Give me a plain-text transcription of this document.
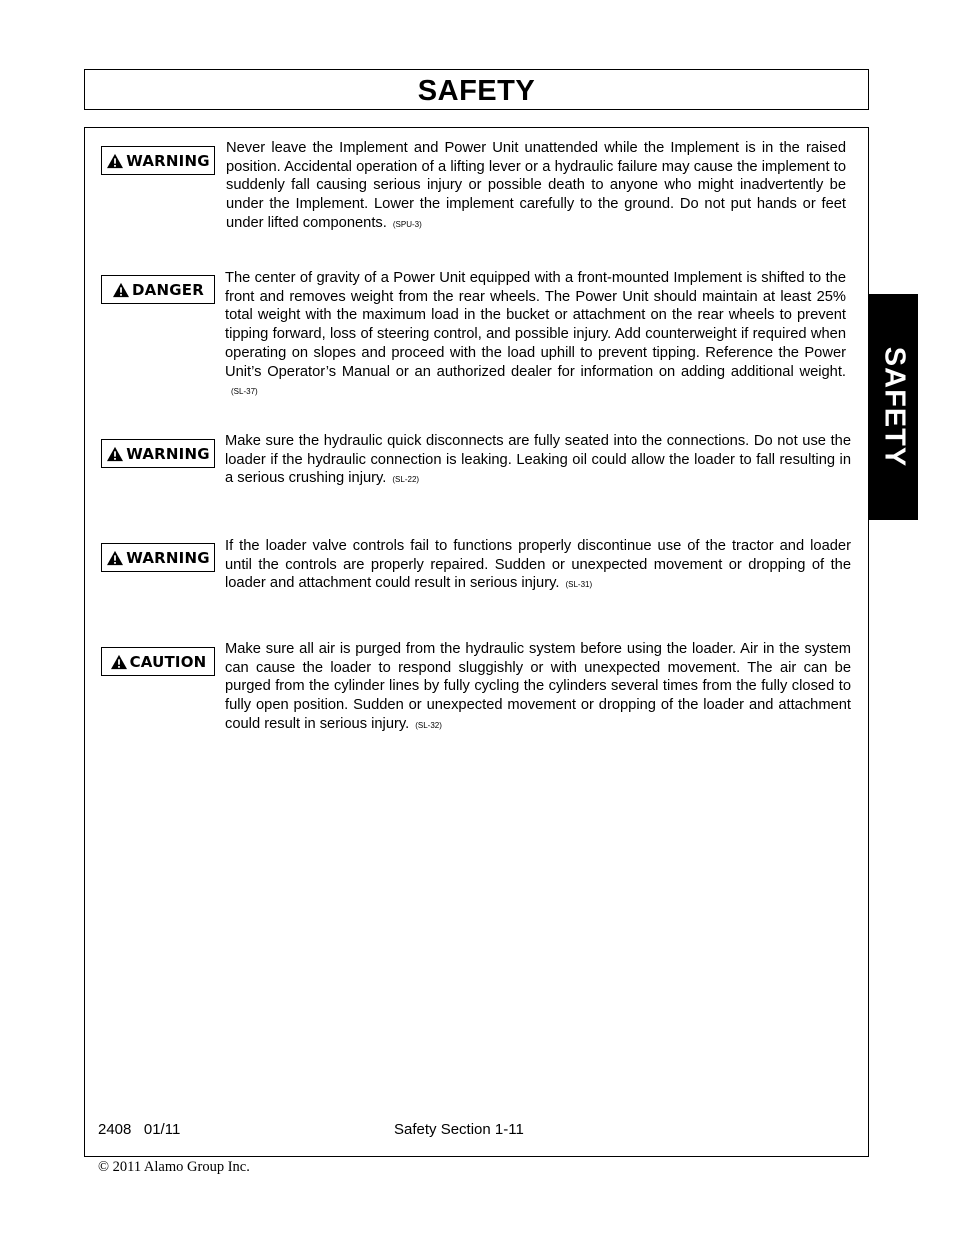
SAFETY
SAFETY
WARNING
Never leave the Implement and Power Unit unattended while the Implement is in the raised position. Accidental operation of a lifting lever or a hydraulic failure may cause the implement to suddenly fall causing serious injury or possible death to anyone who might inadvertently be under the Implement. Lower the implement carefully to the ground. Do not put hands or feet under lifted components. (SPU-3)
DANGER
The center of gravity of a Power Unit equipped with a front-mounted Implement is shifted to the front and removes weight from the rear wheels. The Power Unit should maintain at least 25% total weight with the maximum load in the bucket or attachment on the rear wheels to prevent tipping forward, loss of steering control, and possible injury. Add counterweight if required when operating on slopes and proceed with the load uphill to prevent tipping. Reference the Power Unit’s Operator’s Manual or an authorized dealer for information on adding additional weight.(SL-37)
WARNING
Make sure the hydraulic quick disconnects are fully seated into the connections. Do not use the loader if the hydraulic connection is leaking. Leaking oil could allow the loader to fall resulting in a serious crushing injury. (SL-22)
WARNING
If the loader valve controls fail to functions properly discontinue use of the tractor and loader until the controls are properly repaired. Sudden or unexpected movement or dropping of the loader and attachment could result in serious injury. (SL-31)
CAUTION
Make sure all air is purged from the hydraulic system before using the loader. Air in the system can cause the loader to respond sluggishly or with unexpected movement. The air can be purged from the cylinder lines by fully cycling the cylinders several times from the fully closed to fully open position. Sudden or unexpected movement or dropping of the loader and attachment could result in serious injury. (SL-32)
2408   01/11	Safety Section 1-11
© 2011 Alamo Group Inc.
